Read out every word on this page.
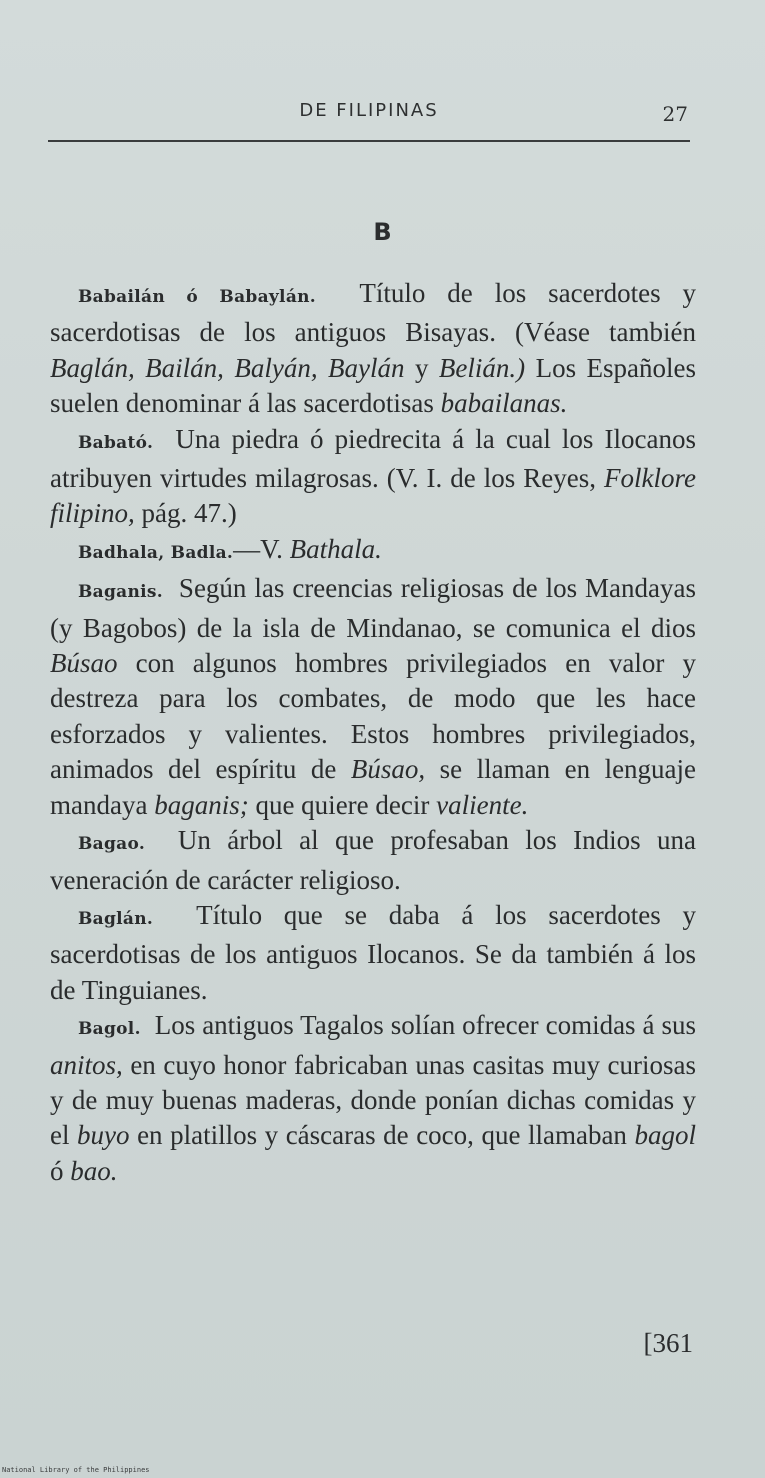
DE FILIPINAS	27
B

Babailán ó Babaylán. Título de los sacerdotes y sacerdotisas de los antiguos Bisayas. (Véase también Baglán, Bailán, Balyán, Baylán y Belián.) Los Españoles suelen denominar á las sacerdotisas babailanas.

Babató. Una piedra ó piedrecita á la cual los Ilocanos atribuyen virtudes milagrosas. (V. I. de los Reyes, Folklore filipino, pág. 47.)

Badhala, Badla.—V. Bathala.

Baganis. Según las creencias religiosas de los Mandayas (y Bagobos) de la isla de Mindanao, se comunica el dios Búsao con algunos hombres privilegiados en valor y destreza para los combates, de modo que les hace esforzados y valientes. Estos hombres privilegiados, animados del espíritu de Búsao, se llaman en lenguaje mandaya baganis; que quiere decir valiente.

Bagao. Un árbol al que profesaban los Indios una veneración de carácter religioso.

Baglán. Título que se daba á los sacerdotes y sacerdotisas de los antiguos Ilocanos. Se da también á los de Tinguianes.

Bagol. Los antiguos Tagalos solían ofrecer comidas á sus anitos, en cuyo honor fabricaban unas casitas muy curiosas y de muy buenas maderas, donde ponían dichas comidas y el buyo en platillos y cáscaras de coco, que llamaban bagol ó bao.

[361
National Library of the Philippines
